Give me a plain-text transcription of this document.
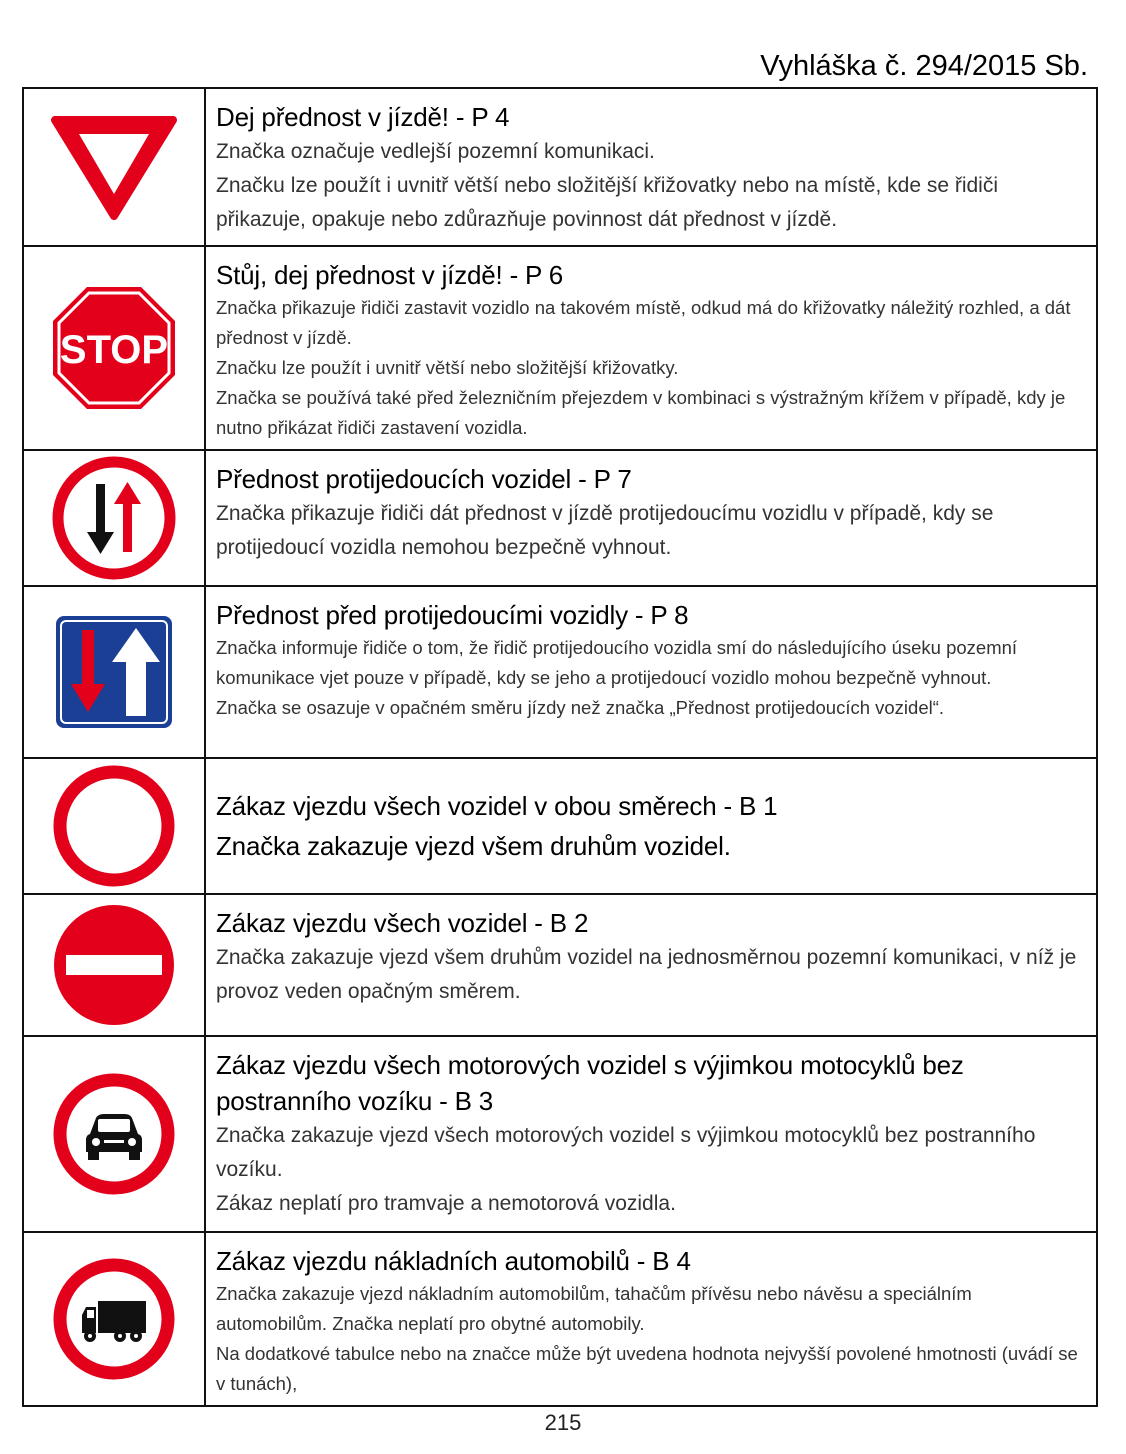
Vyhláška č. 294/2015 Sb.

Dej přednost v jízdě! - P 4

Značka označuje vedlejší pozemní komunikaci.

Značku lze použít i uvnitř větší nebo složitější křižovatky nebo na místě, kde se řidiči přikazuje, opakuje nebo zdůrazňuje povinnost dát přednost v jízdě.

STOP	Stůj, dej přednost v jízdě! - P 6

Značka přikazuje řidiči zastavit vozidlo na takovém místě, odkud má do křižovatky náležitý rozhled, a dát přednost v jízdě.

Značku lze použít i uvnitř větší nebo složitější křižovatky.

Značka se používá také před železničním přejezdem v kombinaci s výstražným křížem v případě, kdy je nutno přikázat řidiči zastavení vozidla.

Přednost protijedoucích vozidel - P 7

Značka přikazuje řidiči dát přednost v jízdě protijedoucímu vozidlu v případě, kdy se protijedoucí vozidla nemohou bezpečně vyhnout.

Přednost před protijedoucími vozidly - P 8

Značka informuje řidiče o tom, že řidič protijedoucího vozidla smí do následujícího úseku pozemní komunikace vjet pouze v případě, kdy se jeho a protijedoucí vozidlo mohou bezpečně vyhnout.

Značka se osazuje v opačném směru jízdy než značka „Přednost protijedoucích vozidel“.

Zákaz vjezdu všech vozidel v obou směrech - B 1

Značka zakazuje vjezd všem druhům vozidel.

Zákaz vjezdu všech vozidel - B 2

Značka zakazuje vjezd všem druhům vozidel na jednosměrnou pozemní komunikaci, v níž je provoz veden opačným směrem.

Zákaz vjezdu všech motorových vozidel s výjimkou motocyklů bez postranního vozíku - B 3

Značka zakazuje vjezd všech motorových vozidel s výjimkou motocyklů bez postranního vozíku.

Zákaz neplatí pro tramvaje a nemotorová vozidla.

Zákaz vjezdu nákladních automobilů - B 4

Značka zakazuje vjezd nákladním automobilům, tahačům přívěsu nebo návěsu a speciálním automobilům. Značka neplatí pro obytné automobily.

Na dodatkové tabulce nebo na značce může být uvedena hodnota nejvyšší povolené hmotnosti (uvádí se v tunách),

215
